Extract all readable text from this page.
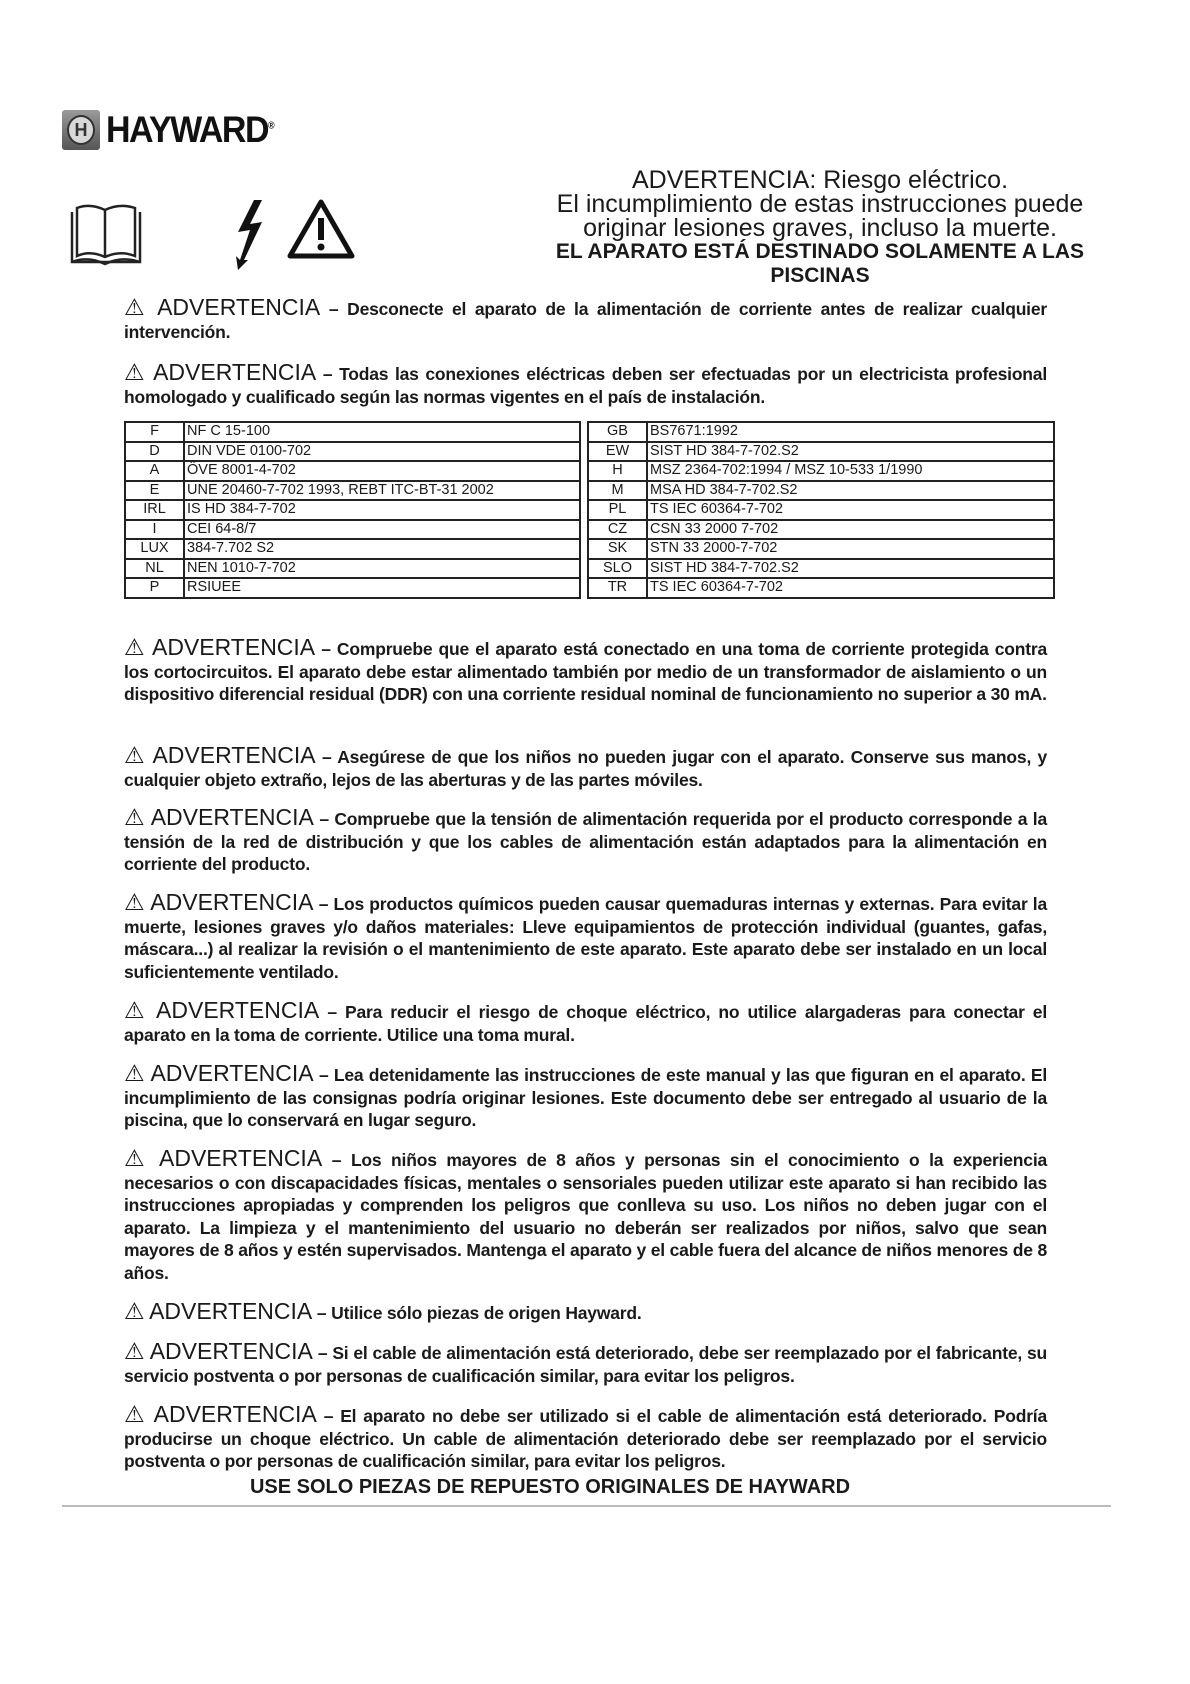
H HAYWARD®
ADVERTENCIA: Riesgo eléctrico.
El incumplimiento de estas instrucciones puede
originar lesiones graves, incluso la muerte.
EL APARATO ESTÁ DESTINADO SOLAMENTE A LAS
PISCINAS
⚠ ADVERTENCIA – Desconecte el aparato de la alimentación de corriente antes de realizar cualquier intervención.
⚠ ADVERTENCIA – Todas las conexiones eléctricas deben ser efectuadas por un electricista profesional homologado y cualificado según las normas vigentes en el país de instalación.
⚠ ADVERTENCIA – Compruebe que el aparato está conectado en una toma de corriente protegida contra los cortocircuitos. El aparato debe estar alimentado también por medio de un transformador de aislamiento o un dispositivo diferencial residual (DDR) con una corriente residual nominal de funcionamiento no superior a 30 mA.
⚠ ADVERTENCIA – Asegúrese de que los niños no pueden jugar con el aparato. Conserve sus manos, y cualquier objeto extraño, lejos de las aberturas y de las partes móviles.
⚠ ADVERTENCIA – Compruebe que la tensión de alimentación requerida por el producto corresponde a la tensión de la red de distribución y que los cables de alimentación están adaptados para la alimentación en corriente del producto.
⚠ ADVERTENCIA – Los productos químicos pueden causar quemaduras internas y externas. Para evitar la muerte, lesiones graves y/o daños materiales: Lleve equipamientos de protección individual (guantes, gafas, máscara...) al realizar la revisión o el mantenimiento de este aparato. Este aparato debe ser instalado en un local suficientemente ventilado.
⚠ ADVERTENCIA – Para reducir el riesgo de choque eléctrico, no utilice alargaderas para conectar el aparato en la toma de corriente. Utilice una toma mural.
⚠ ADVERTENCIA – Lea detenidamente las instrucciones de este manual y las que figuran en el aparato. El incumplimiento de las consignas podría originar lesiones. Este documento debe ser entregado al usuario de la piscina, que lo conservará en lugar seguro.
⚠ ADVERTENCIA – Los niños mayores de 8 años y personas sin el conocimiento o la experiencia necesarios o con discapacidades físicas, mentales o sensoriales pueden utilizar este aparato si han recibido las instrucciones apropiadas y comprenden los peligros que conlleva su uso. Los niños no deben jugar con el aparato. La limpieza y el mantenimiento del usuario no deberán ser realizados por niños, salvo que sean mayores de 8 años y estén supervisados. Mantenga el aparato y el cable fuera del alcance de niños menores de 8 años.
⚠ ADVERTENCIA – Utilice sólo piezas de origen Hayward.
⚠ ADVERTENCIA – Si el cable de alimentación está deteriorado, debe ser reemplazado por el fabricante, su servicio postventa o por personas de cualificación similar, para evitar los peligros.
⚠ ADVERTENCIA – El aparato no debe ser utilizado si el cable de alimentación está deteriorado. Podría producirse un choque eléctrico. Un cable de alimentación deteriorado debe ser reemplazado por el servicio postventa o por personas de cualificación similar, para evitar los peligros.
F	NF C 15-100		GB	BS7671:1992
D	DIN VDE 0100-702		EW	SIST HD 384-7-702.S2
A	ÖVE 8001-4-702		H	MSZ 2364-702:1994 / MSZ 10-533 1/1990
E	UNE 20460-7-702 1993, REBT ITC-BT-31 2002		M	MSA HD 384-7-702.S2
IRL	IS HD 384-7-702		PL	TS IEC 60364-7-702
I	CEI 64-8/7		CZ	CSN 33 2000 7-702
LUX	384-7.702 S2		SK	STN 33 2000-7-702
NL	NEN 1010-7-702		SLO	SIST HD 384-7-702.S2
P	RSIUEE		TR	TS IEC 60364-7-702
USE SOLO PIEZAS DE REPUESTO ORIGINALES DE HAYWARD
